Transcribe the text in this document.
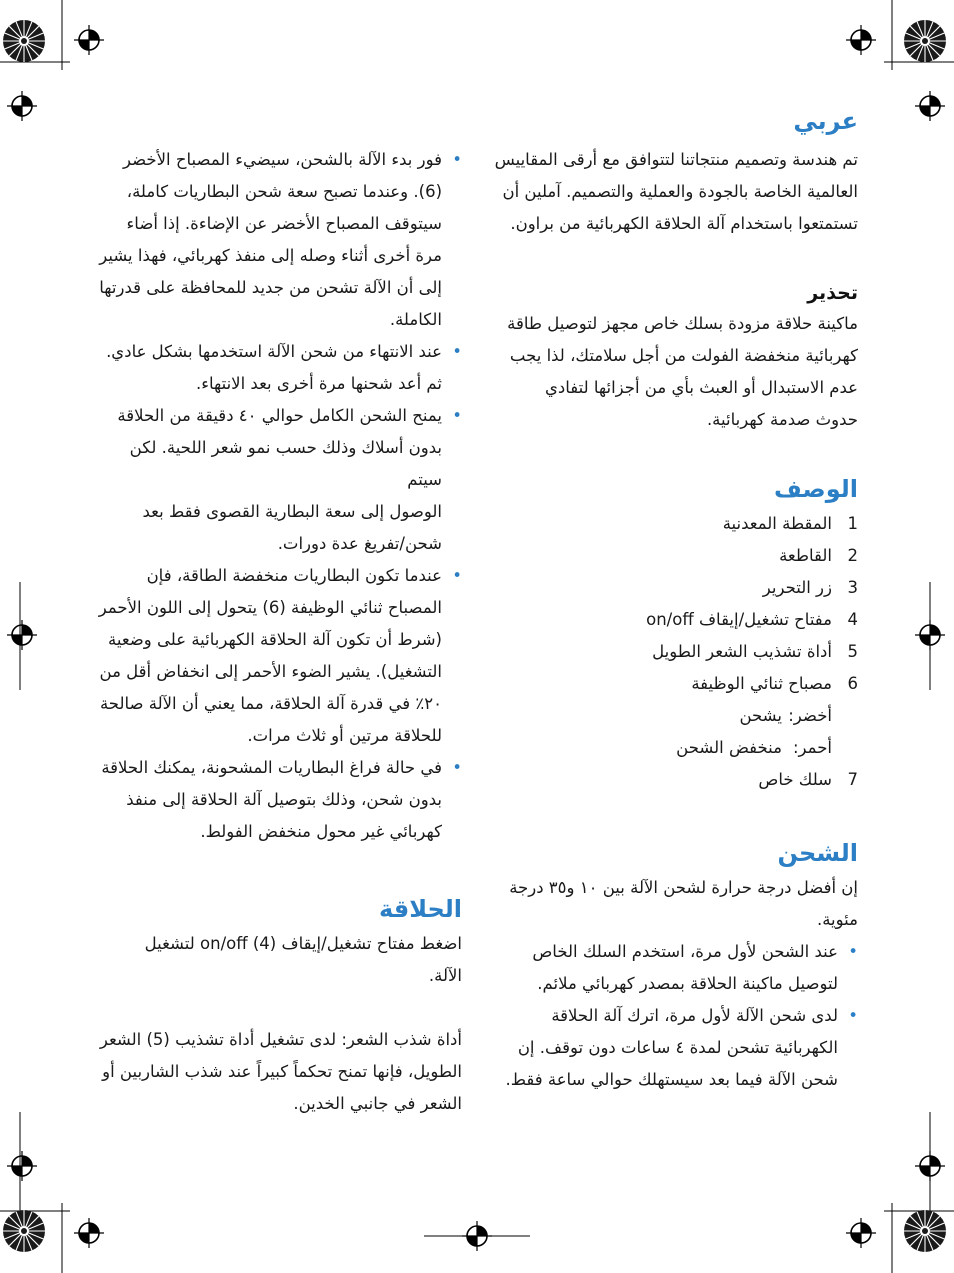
عربي

تم هندسة وتصميم منتجاتنا لتتوافق مع أرقى المقاييس

العالمية الخاصة بالجودة والعملية والتصميم. آملين أن

تستمتعوا باستخدام آلة الحلاقة الكهربائية من براون.

تحذير

ماكينة حلاقة مزودة بسلك خاص مجهز لتوصيل طاقة

كهربائية منخفضة الفولت من أجل سلامتك، لذا يجب

عدم الاستبدال أو العبث بأي من أجزائها لتفادي

حدوث صدمة كهربائية.

الوصف
1
المقطة المعدنية
2
القاطعة
3
زر التحرير
4
مفتاح تشغيل/إيقاف on/off
5
أداة تشذيب الشعر الطويل
6
مصباح ثنائي الوظيفة
أخضر:
يشحن
أحمر:
منخفض الشحن
7
سلك خاص
الشحن

إن أفضل درجة حرارة لشحن الآلة بين ١٠ و٣٥ درجة

مئوية.

• عند الشحن لأول مرة، استخدم السلك الخاص

لتوصيل ماكينة الحلاقة بمصدر كهربائي ملائم.

• لدى شحن الآلة لأول مرة، اترك آلة الحلاقة

الكهربائية تشحن لمدة ٤ ساعات دون توقف. إن

شحن الآلة فيما بعد سيستهلك حوالي ساعة فقط.

• فور بدء الآلة بالشحن، سيضيء المصباح الأخضر

(6). وعندما تصبح سعة شحن البطاريات كاملة،

سيتوقف المصباح الأخضر عن الإضاءة. إذا أضاء

مرة أخرى أثناء وصله إلى منفذ كهربائي، فهذا يشير

إلى أن الآلة تشحن من جديد للمحافظة على قدرتها

الكاملة.

• عند الانتهاء من شحن الآلة استخدمها بشكل عادي.

ثم أعد شحنها مرة أخرى بعد الانتهاء.

• يمنح الشحن الكامل حوالي ٤٠ دقيقة من الحلاقة

بدون أسلاك وذلك حسب نمو شعر اللحية. لكن سيتم

الوصول إلى سعة البطارية القصوى فقط بعد

شحن/تفريغ عدة دورات.

• عندما تكون البطاريات منخفضة الطاقة، فإن

المصباح ثنائي الوظيفة (6) يتحول إلى اللون الأحمر

(شرط أن تكون آلة الحلاقة الكهربائية على وضعية

التشغيل). يشير الضوء الأحمر إلى انخفاض أقل من

٢٠٪ في قدرة آلة الحلاقة، مما يعني أن الآلة صالحة

للحلاقة مرتين أو ثلاث مرات.

• في حالة فراغ البطاريات المشحونة، يمكنك الحلاقة

بدون شحن، وذلك بتوصيل آلة الحلاقة إلى منفذ

كهربائي غير محول منخفض الفولط.

الحلاقة

اضغط مفتاح تشغيل/إيقاف on/off (4) لتشغيل

الآلة.

أداة شذب الشعر: لدى تشغيل أداة تشذيب (5) الشعر

الطويل، فإنها تمنح تحكماً كبيراً عند شذب الشاربين أو

الشعر في جانبي الخدين.
